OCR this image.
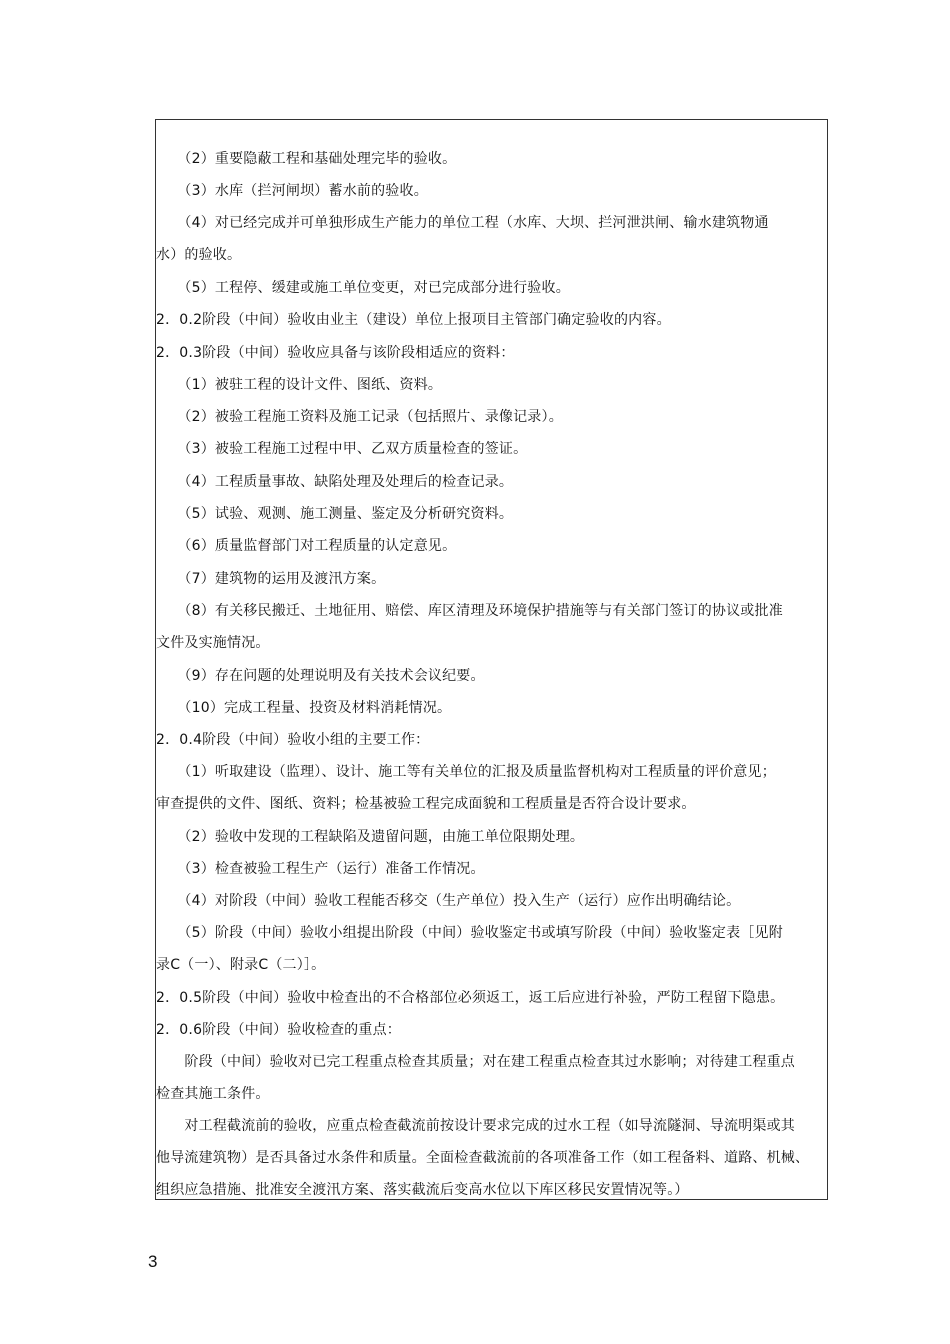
3
　　（2）重要隐蔽工程和基础处理完毕的验收。
　　（3）水库（拦河闸坝）蓄水前的验收。
　　（4）对已经完成并可单独形成生产能力的单位工程（水库、大坝、拦河泄洪闸、输水建筑物通
水）的验收。
　　（5）工程停、缓建或施工单位变更，对已完成部分进行验收。
2．0.2阶段（中间）验收由业主（建设）单位上报项目主管部门确定验收的内容。
2．0.3阶段（中间）验收应具备与该阶段相适应的资料：
　　（1）被驻工程的设计文件、图纸、资料。
　　（2）被验工程施工资料及施工记录（包括照片、录像记录）。
　　（3）被验工程施工过程中甲、乙双方质量检查的签证。
　　（4）工程质量事故、缺陷处理及处理后的检查记录。
　　（5）试验、观测、施工测量、鉴定及分析研究资料。
　　（6）质量监督部门对工程质量的认定意见。
　　（7）建筑物的运用及渡汛方案。
　　（8）有关移民搬迁、土地征用、赔偿、库区清理及环境保护措施等与有关部门签订的协议或批准
文件及实施情况。
　　（9）存在问题的处理说明及有关技术会议纪要。
　　（10）完成工程量、投资及材料消耗情况。
2．0.4阶段（中间）验收小组的主要工作：
　　（1）听取建设（监理）、设计、施工等有关单位的汇报及质量监督机构对工程质量的评价意见；
审查提供的文件、图纸、资料；检基被验工程完成面貌和工程质量是否符合设计要求。
　　（2）验收中发现的工程缺陷及遗留问题，由施工单位限期处理。
　　（3）检查被验工程生产（运行）准备工作情况。
　　（4）对阶段（中间）验收工程能否移交（生产单位）投入生产（运行）应作出明确结论。
　　（5）阶段（中间）验收小组提出阶段（中间）验收鉴定书或填写阶段（中间）验收鉴定表［见附
录C（一）、附录C（二）］。
2．0.5阶段（中间）验收中检查出的不合格部位必须返工，返工后应进行补验，严防工程留下隐患。
2．0.6阶段（中间）验收检查的重点：
　　阶段（中间）验收对已完工程重点检查其质量；对在建工程重点检查其过水影响；对待建工程重点
检查其施工条件。
　　对工程截流前的验收，应重点检查截流前按设计要求完成的过水工程（如导流隧洞、导流明渠或其
他导流建筑物）是否具备过水条件和质量。全面检查截流前的各项准备工作（如工程备料、道路、机械、
组织应急措施、批准安全渡汛方案、落实截流后变高水位以下库区移民安置情况等。）
